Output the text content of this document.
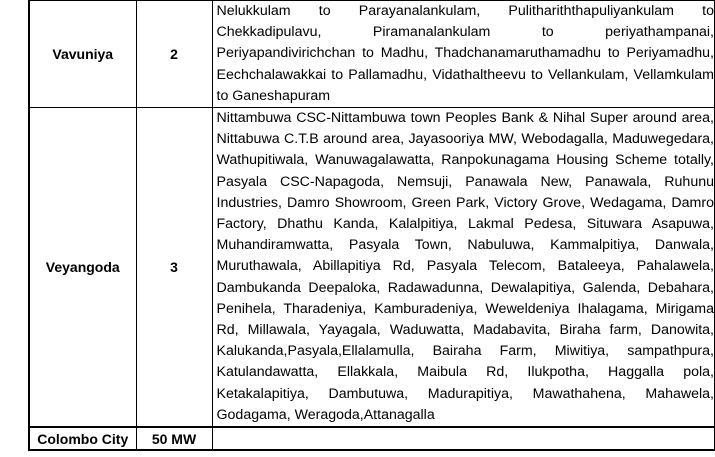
Vavuniya	2	Nelukkulam to Parayanalankulam, Pulithariththapuliyankulam to Chekkadipulavu, Piramanalankulam to periyathampanai, Periyapandivirichchan to Madhu, Thadchanamaruthamadhu to Periyamadhu, Eechchalawakkai to Pallamadhu, Vidathaltheevu to Vellankulam, Vellamkulam to Ganeshapuram

Veyangoda	3	Nittambuwa CSC-Nittambuwa town Peoples Bank & Nihal Super around area, Nittabuwa C.T.B around area, Jayasooriya MW, Webodagalla, Maduwegedara, Wathupitiwala, Wanuwagalawatta, Ranpokunagama Housing Scheme totally, Pasyala CSC-Napagoda, Nemsuji, Panawala New, Panawala, Ruhunu Industries, Damro Showroom, Green Park, Victory Grove, Wedagama, Damro Factory, Dhathu Kanda, Kalalpitiya, Lakmal Pedesa, Situwara Asapuwa, Muhandiramwatta, Pasyala Town, Nabuluwa, Kammalpitiya, Danwala, Muruthawala, Abillapitiya Rd, Pasyala Telecom, Bataleeya, Pahalawela, Dambukanda Deepaloka, Radawadunna, Dewalapitiya, Galenda, Debahara, Penihela, Tharadeniya, Kamburadeniya, Weweldeniya Ihalagama, Mirigama Rd, Millawala, Yayagala, Waduwatta, Madabavita, Biraha farm, Danowita, Kalukanda,Pasyala,Ellalamulla, Bairaha Farm, Miwitiya, sampathpura, Katulandawatta, Ellakkala, Maibula Rd, Ilukpotha, Haggalla pola, Ketakalapitiya, Dambutuwa, Madurapitiya, Mawathahena, Mahawela, Godagama, Weragoda,Attanagalla

Colombo City	50 MW	
